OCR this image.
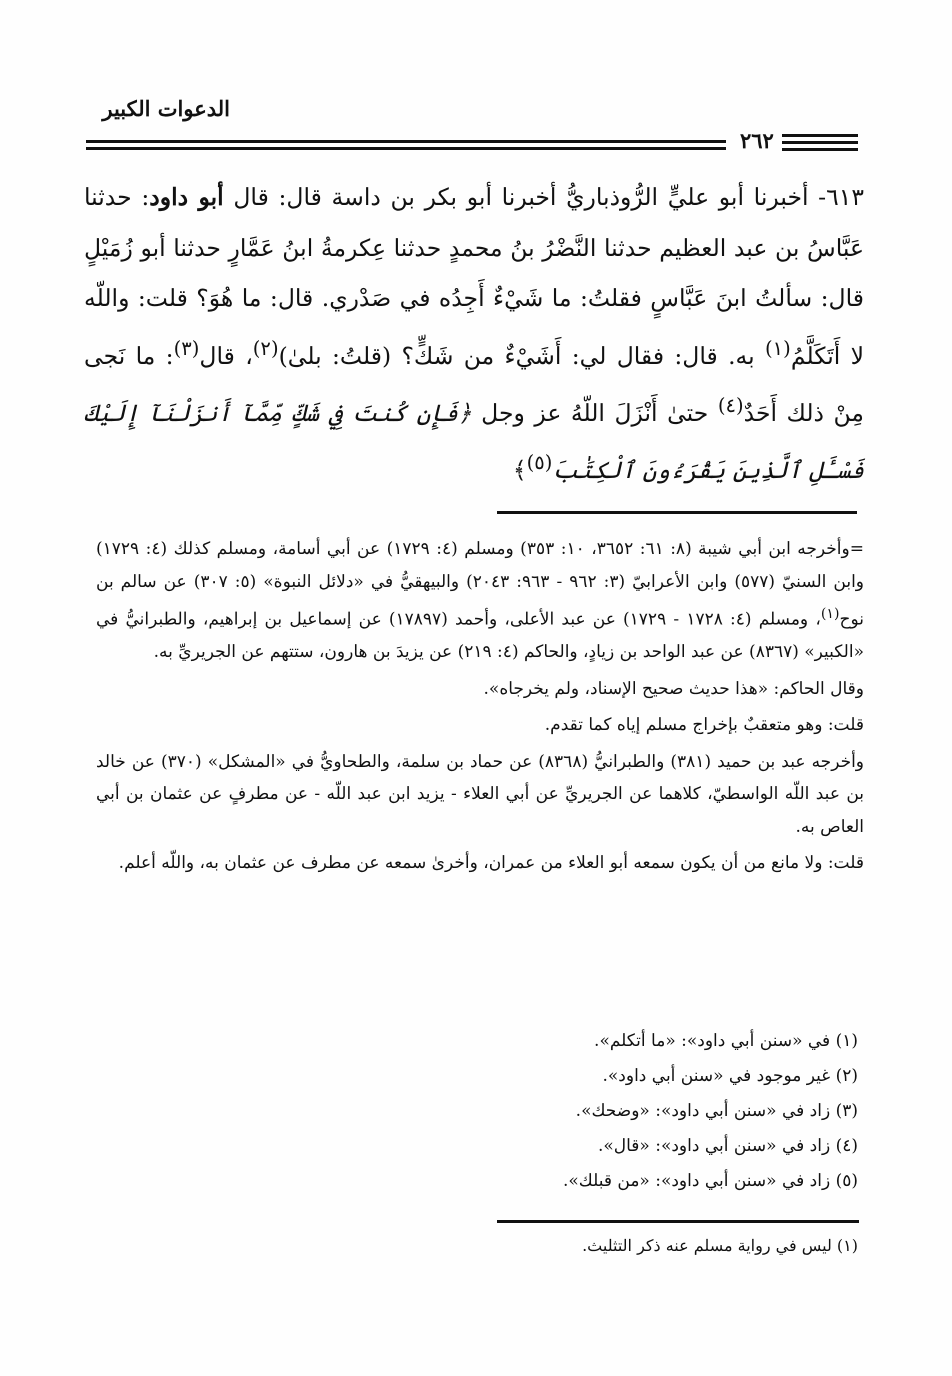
الدعوات الكبير
٢٦٢
٦١٣- أخبرنا أبو عليٍّ الرُّوذباريُّ أخبرنا أبو بكر بن داسة قال: قال أبو داود: حدثنا عَبَّاسُ بن عبد العظيم حدثنا النَّضْرُ بنُ محمدٍ حدثنا عِكرمةُ ابنُ عَمَّارٍ حدثنا أبو زُمَيْلٍ قال: سألتُ ابنَ عَبَّاسٍ فقلتُ: ما شَيْءٌ أَجِدُه في صَدْري. قال: ما هُوَ؟ قلت: واللّه لا أَتَكَلَّمُ$^{(١)}$ به. قال: فقال لي: أَشَيْءٌ من شَكٍّ؟ (قلتُ: بلىٰ)$^{(٢)}$، قال$^{(٣)}$: ما نَجى مِنْ ذلك أَحَدٌ$^{(٤)}$ حتىٰ أَنْزَلَ اللّهُ عز وجل ﴿فَإِن كُنتَ فِي شَكٍّ مِّمَّآ أَنزَلْنَآ إِلَيْكَ فَسْـَٔلِ ٱلَّذِينَ يَقْرَءُونَ ٱلْكِتَٰبَ$^{(٥)}$﴾

=وأخرجه ابن أبي شيبة (٨: ٦١: ٣٦٥٢، ١٠: ٣٥٣) ومسلم (٤: ١٧٢٩) عن أبي أسامة، ومسلم كذلك (٤: ١٧٢٩) وابن السنيّ (٥٧٧) وابن الأعرابيّ (٣: ٩٦٢ - ٩٦٣: ٢٠٤٣) والبيهقيُّ في «دلائل النبوة» (٥: ٣٠٧) عن سالم بن نوح$^{(١)}$، ومسلم (٤: ١٧٢٨ - ١٧٢٩) عن عبد الأعلى، وأحمد (١٧٨٩٧) عن إسماعيل بن إبراهيم، والطبرانيُّ في «الكبير» (٨٣٦٧) عن عبد الواحد بن زيادٍ، والحاكم (٤: ٢١٩) عن يزيدَ بن هارون، ستتهم عن الجريريِّ به.

وقال الحاكم: «هذا حديث صحيح الإسناد، ولم يخرجاه».

قلت: وهو متعقبٌ بإخراج مسلم إياه كما تقدم.

وأخرجه عبد بن حميد (٣٨١) والطبرانيُّ (٨٣٦٨) عن حماد بن سلمة، والطحاويُّ في «المشكل» (٣٧٠) عن خالد بن عبد اللّه الواسطيّ، كلاهما عن الجريريِّ عن أبي العلاء - يزيد ابن عبد اللّه - عن مطرفٍ عن عثمان بن أبي العاص به.

قلت: ولا مانع من أن يكون سمعه أبو العلاء من عمران، وأخرىٰ سمعه عن مطرف عن عثمان به، واللّه أعلم.

(١) في «سنن أبي داود»: «ما أتكلم».
(٢) غير موجود في «سنن أبي داود».
(٣) زاد في «سنن أبي داود»: «وضحك».
(٤) زاد في «سنن أبي داود»: «قال».
(٥) زاد في «سنن أبي داود»: «من قبلك».
(١) ليس في رواية مسلم عنه ذكر التثليث.
